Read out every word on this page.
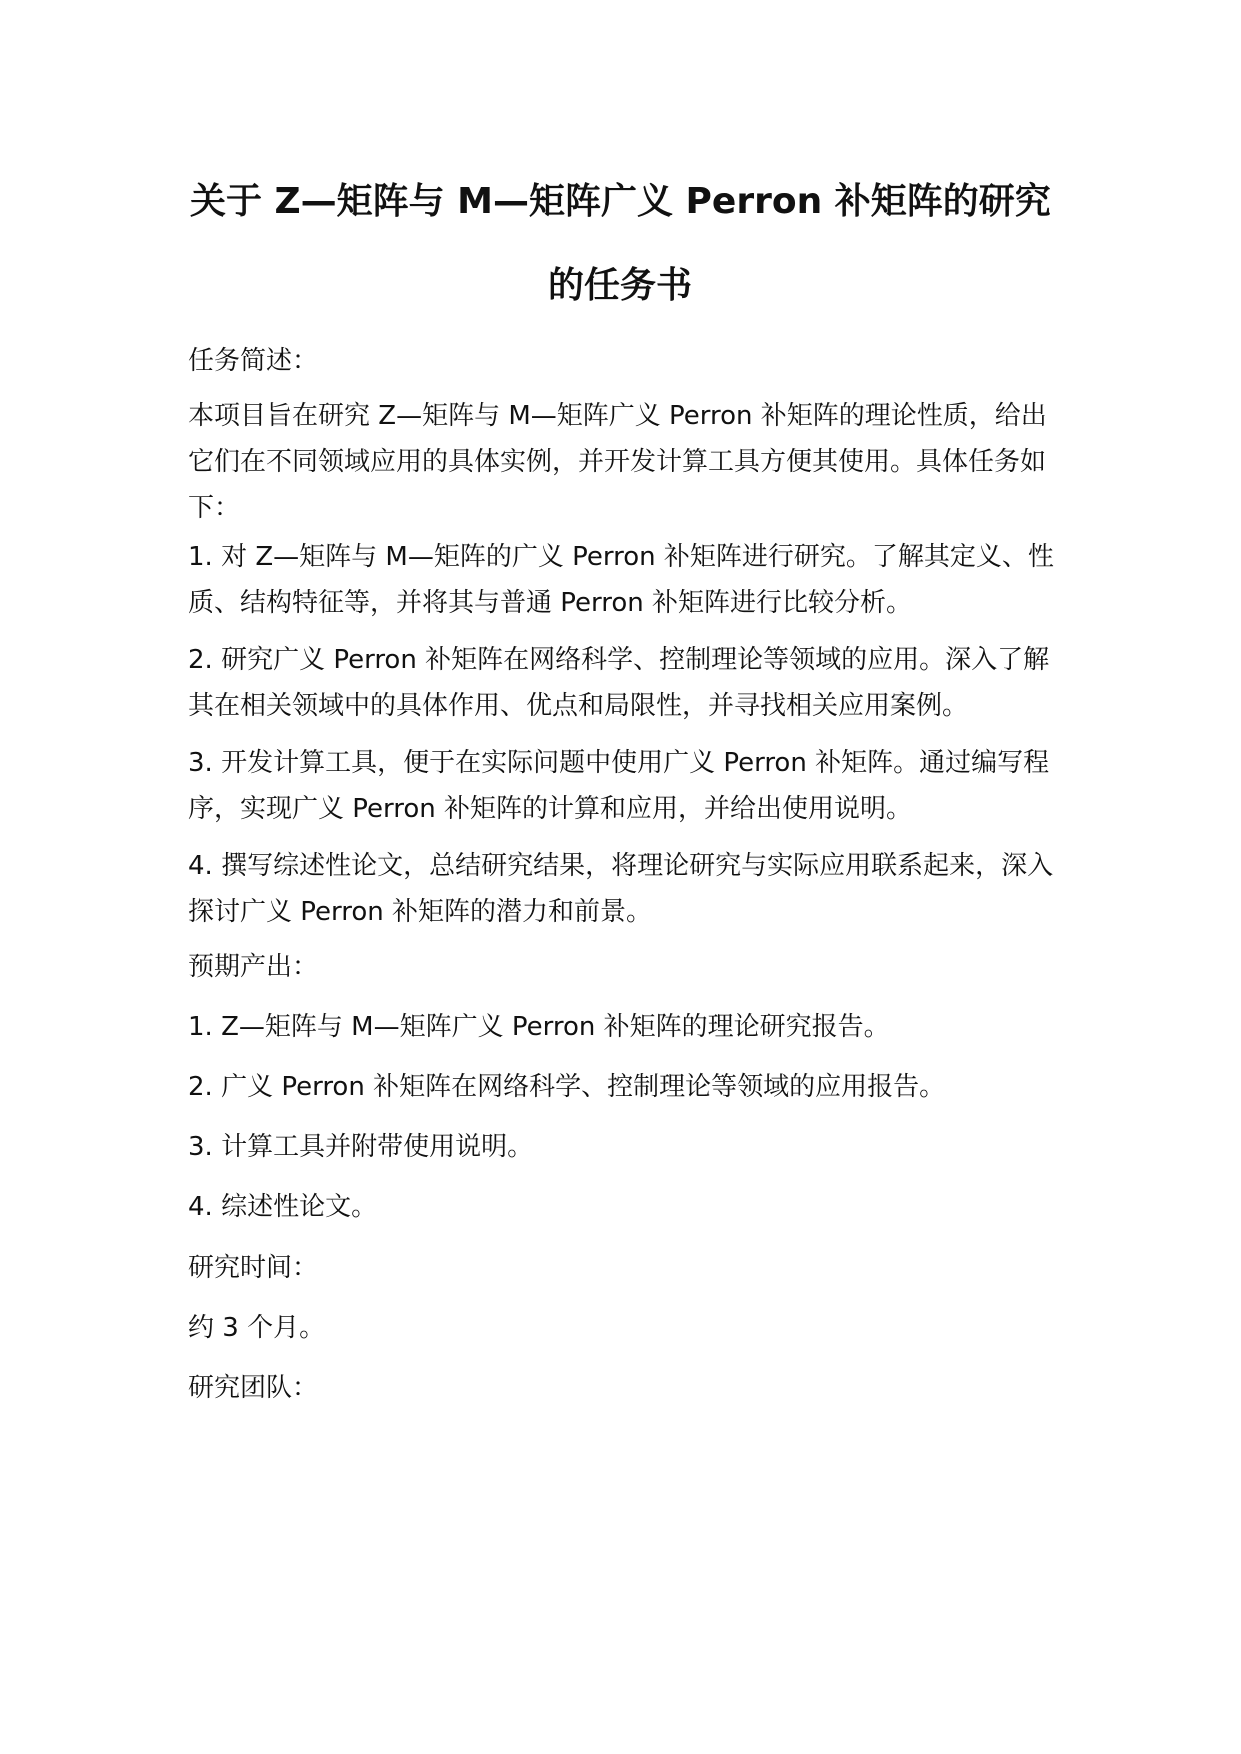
关于 Z—矩阵与 M—矩阵广义 Perron 补矩阵的研究
的任务书

任务简述：

本项目旨在研究 Z—矩阵与 M—矩阵广义 Perron 补矩阵的理论性质，给出它们在不同领域应用的具体实例，并开发计算工具方便其使用。具体任务如下：

1. 对 Z—矩阵与 M—矩阵的广义 Perron 补矩阵进行研究。了解其定义、性质、结构特征等，并将其与普通 Perron 补矩阵进行比较分析。

2. 研究广义 Perron 补矩阵在网络科学、控制理论等领域的应用。深入了解其在相关领域中的具体作用、优点和局限性，并寻找相关应用案例。

3. 开发计算工具，便于在实际问题中使用广义 Perron 补矩阵。通过编写程序，实现广义 Perron 补矩阵的计算和应用，并给出使用说明。

4. 撰写综述性论文，总结研究结果，将理论研究与实际应用联系起来，深入探讨广义 Perron 补矩阵的潜力和前景。

预期产出：

1. Z—矩阵与 M—矩阵广义 Perron 补矩阵的理论研究报告。

2. 广义 Perron 补矩阵在网络科学、控制理论等领域的应用报告。

3. 计算工具并附带使用说明。

4. 综述性论文。

研究时间：

约 3 个月。

研究团队：
